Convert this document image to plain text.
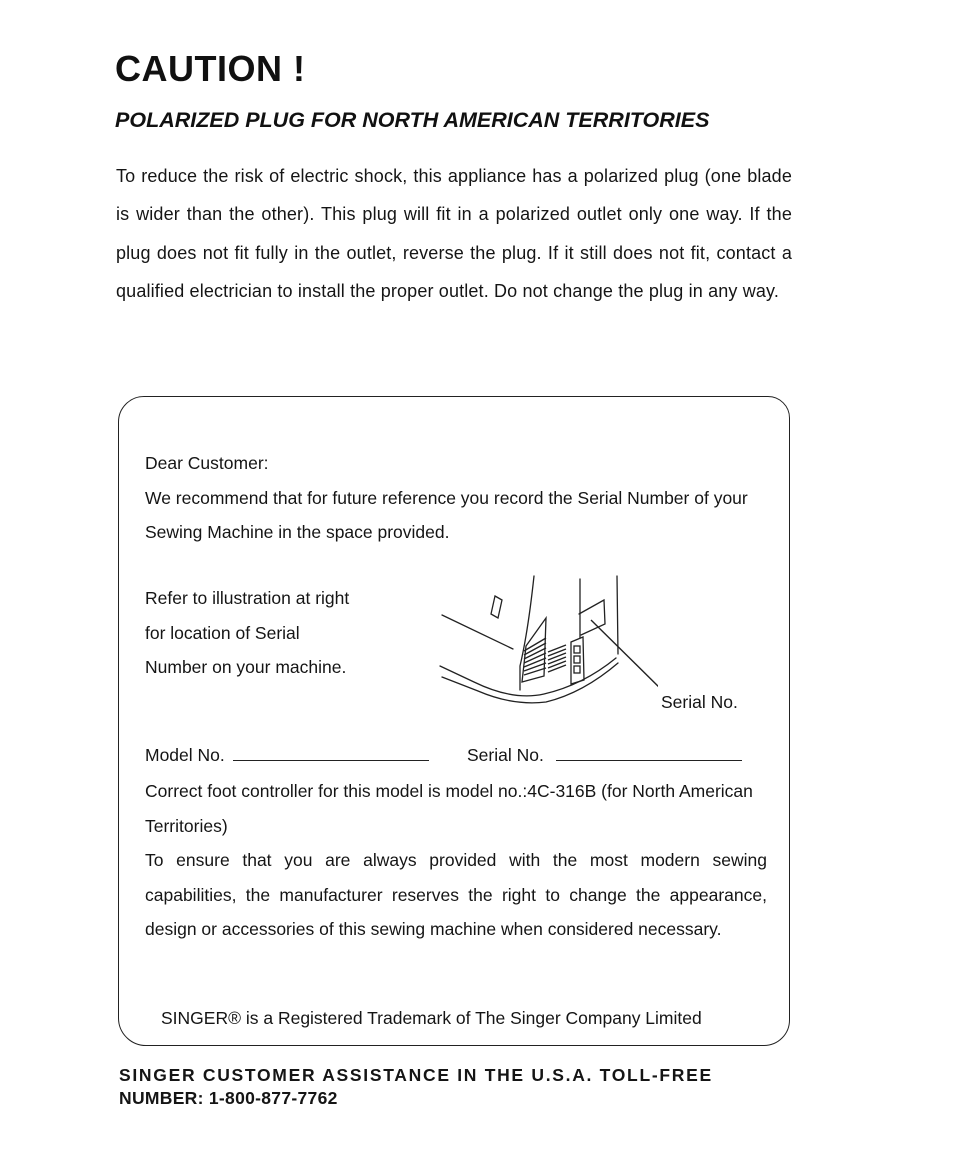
CAUTION !
POLARIZED PLUG FOR NORTH AMERICAN TERRITORIES

To reduce the risk of electric shock, this appliance has a polarized plug (one blade is wider than the other). This plug will fit in a polarized outlet only one way. If the plug does not fit fully in the outlet, reverse the plug. If it still does not fit, contact a qualified electrician to install the proper outlet. Do not change the plug in any way.

Dear Customer:
We recommend that for future reference you record the Serial Number of your Sewing Machine in the space provided.

Refer to illustration at right
for location of Serial
Number on your machine.

Serial No.

Model No.	Serial No.

Correct foot controller for this model is model no.:4C-316B (for North American Territories)

To ensure that you are always provided with the most modern sewing capabilities, the manufacturer reserves the right to change the appearance, design or accessories of this sewing machine when considered necessary.

SINGER® is a Registered Trademark of The Singer Company Limited

SINGER CUSTOMER ASSISTANCE IN THE U.S.A. TOLL-FREE
NUMBER: 1-800-877-7762
